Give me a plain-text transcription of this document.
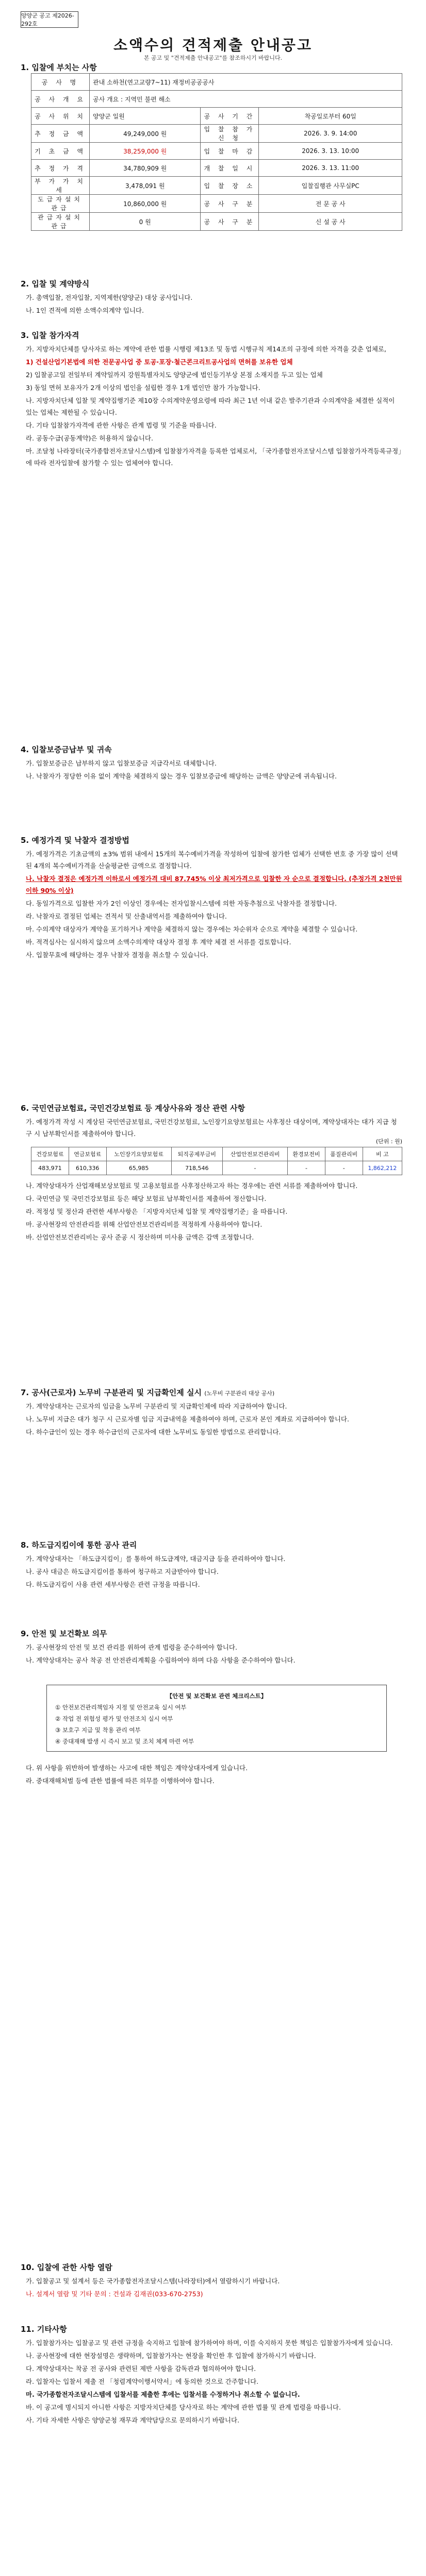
양양군 공고 제2026-292호
소액수의 견적제출 안내공고
본 공고 및 "견적제출 안내공고"를 참조하시기 바랍니다.
1. 입찰에 부치는 사항
공 사 명	관내 소하천(연고교량7~11) 재정비공공공사		
공 사 개 요	공사 개요 : 지역민 불편 해소		
공 사 위 치	양양군 일원	공 사 기 간	착공일로부터 60일
추 정 금 액	49,249,000 원	입 찰 참 가 신 청	2026. 3. 9. 14:00
기 초 금 액	38,259,000 원	입 찰 마 감	2026. 3. 13. 10:00
추 정 가 격	34,780,909 원	개 찰 일 시	2026. 3. 13. 11:00
부 가 가 치 세	3,478,091 원	입 찰 장 소	입찰집행관 사무실PC
도급자설치관급	10,860,000 원	공 사 구 분	전 문 공 사
관급자설치관급	0 원	공 사 구 분	신 설 공 사
2. 입찰 및 계약방식

가. 총액입찰, 전자입찰, 지역제한(양양군) 대상 공사입니다.

나. 1인 견적에 의한 소액수의계약 입니다.

3. 입찰 참가자격

가. 지방자치단체를 당사자로 하는 계약에 관한 법률 시행령 제13조 및 동법 시행규칙 제14조의 규정에 의한 자격을 갖춘 업체로,

1) 건설산업기본법에 의한 전문공사업 중 토공·포장·철근콘크리트공사업의 면허를 보유한 업체

2) 입찰공고일 전일부터 계약일까지 강원특별자치도 양양군에 법인등기부상 본점 소재지를 두고 있는 업체

3) 동일 면허 보유자가 2개 이상의 법인을 설립한 경우 1개 법인만 참가 가능합니다.

나. 지방자치단체 입찰 및 계약집행기준 제10장 수의계약운영요령에 따라 최근 1년 이내 같은 발주기관과 수의계약을 체결한 실적이 있는 업체는 제한될 수 있습니다.

다. 기타 입찰참가자격에 관한 사항은 관계 법령 및 기준을 따릅니다.

라. 공동수급(공동계약)은 허용하지 않습니다.

마. 조달청 나라장터(국가종합전자조달시스템)에 입찰참가자격을 등록한 업체로서, 「국가종합전자조달시스템 입찰참가자격등록규정」에 따라 전자입찰에 참가할 수 있는 업체여야 합니다.

4. 입찰보증금납부 및 귀속

가. 입찰보증금은 납부하지 않고 입찰보증금 지급각서로 대체합니다.

나. 낙찰자가 정당한 이유 없이 계약을 체결하지 않는 경우 입찰보증금에 해당하는 금액은 양양군에 귀속됩니다.

5. 예정가격 및 낙찰자 결정방법

가. 예정가격은 기초금액의 ±3% 범위 내에서 15개의 복수예비가격을 작성하여 입찰에 참가한 업체가 선택한 번호 중 가장 많이 선택된 4개의 복수예비가격을 산술평균한 금액으로 결정합니다.

나. 낙찰자 결정은 예정가격 이하로서 예정가격 대비 87.745% 이상 최저가격으로 입찰한 자 순으로 결정합니다. (추정가격 2천만원 이하 90% 이상)

다. 동일가격으로 입찰한 자가 2인 이상인 경우에는 전자입찰시스템에 의한 자동추첨으로 낙찰자를 결정합니다.

라. 낙찰자로 결정된 업체는 견적서 및 산출내역서를 제출하여야 합니다.

마. 수의계약 대상자가 계약을 포기하거나 계약을 체결하지 않는 경우에는 차순위자 순으로 계약을 체결할 수 있습니다.

바. 적격심사는 실시하지 않으며 소액수의계약 대상자 결정 후 계약 체결 전 서류를 검토합니다.

사. 입찰무효에 해당하는 경우 낙찰자 결정을 취소할 수 있습니다.

6. 국민연금보험료, 국민건강보험료 등 계상사유와 정산 관련 사항

가. 예정가격 작성 시 계상된 국민연금보험료, 국민건강보험료, 노인장기요양보험료는 사후정산 대상이며, 계약상대자는 대가 지급 청구 시 납부확인서를 제출하여야 합니다.

(단위 : 원)
건강보험료	연금보험료	노인장기요양보험료	퇴직공제부금비	산업안전보건관리비	환경보전비	품질관리비	비 고
483,971	610,336	65,985	718,546	-	-	-	1,862,212

나. 계약상대자가 산업재해보상보험료 및 고용보험료를 사후정산하고자 하는 경우에는 관련 서류를 제출하여야 합니다.

다. 국민연금 및 국민건강보험료 등은 해당 보험료 납부확인서를 제출하여 정산합니다.

라. 적정성 및 정산과 관련한 세부사항은 「지방자치단체 입찰 및 계약집행기준」을 따릅니다.

마. 공사현장의 안전관리를 위해 산업안전보건관리비를 적정하게 사용하여야 합니다.

바. 산업안전보건관리비는 공사 준공 시 정산하며 미사용 금액은 감액 조정합니다.

7. 공사(근로자) 노무비 구분관리 및 지급확인제 실시 (노무비 구분관리 대상 공사)

가. 계약상대자는 근로자의 임금을 노무비 구분관리 및 지급확인제에 따라 지급하여야 합니다.

나. 노무비 지급은 대가 청구 시 근로자별 임금 지급내역을 제출하여야 하며, 근로자 본인 계좌로 지급하여야 합니다.

다. 하수급인이 있는 경우 하수급인의 근로자에 대한 노무비도 동일한 방법으로 관리합니다.

8. 하도급지킴이에 통한 공사 관리

가. 계약상대자는 「하도급지킴이」를 통하여 하도급계약, 대금지급 등을 관리하여야 합니다.

나. 공사 대금은 하도급지킴이를 통하여 청구하고 지급받아야 합니다.

다. 하도급지킴이 사용 관련 세부사항은 관련 규정을 따릅니다.

9. 안전 및 보건확보 의무

가. 공사현장의 안전 및 보건 관리를 위하여 관계 법령을 준수하여야 합니다.

나. 계약상대자는 공사 착공 전 안전관리계획을 수립하여야 하며 다음 사항을 준수하여야 합니다.

【안전 및 보건확보 관련 체크리스트】

① 안전보건관리책임자 지정 및 안전교육 실시 여부

② 작업 전 위험성 평가 및 안전조치 실시 여부

③ 보호구 지급 및 착용 관리 여부

④ 중대재해 발생 시 즉시 보고 및 조치 체계 마련 여부

다. 위 사항을 위반하여 발생하는 사고에 대한 책임은 계약상대자에게 있습니다.

라. 중대재해처벌 등에 관한 법률에 따른 의무를 이행하여야 합니다.

10. 입찰에 관한 사항 열람

가. 입찰공고 및 설계서 등은 국가종합전자조달시스템(나라장터)에서 열람하시기 바랍니다.

나. 설계서 열람 및 기타 문의 : 건설과 김재권(033-670-2753)

11. 기타사항

가. 입찰참가자는 입찰공고 및 관련 규정을 숙지하고 입찰에 참가하여야 하며, 이를 숙지하지 못한 책임은 입찰참가자에게 있습니다.

나. 공사현장에 대한 현장설명은 생략하며, 입찰참가자는 현장을 확인한 후 입찰에 참가하시기 바랍니다.

다. 계약상대자는 착공 전 공사와 관련된 제반 사항을 감독관과 협의하여야 합니다.

라. 입찰자는 입찰서 제출 전 「청렴계약이행서약서」에 동의한 것으로 간주합니다.

마. 국가종합전자조달시스템에 입찰서를 제출한 후에는 입찰서를 수정하거나 취소할 수 없습니다.

바. 이 공고에 명시되지 아니한 사항은 지방자치단체를 당사자로 하는 계약에 관한 법률 및 관계 법령을 따릅니다.

사. 기타 자세한 사항은 양양군청 재무과 계약담당으로 문의하시기 바랍니다.
